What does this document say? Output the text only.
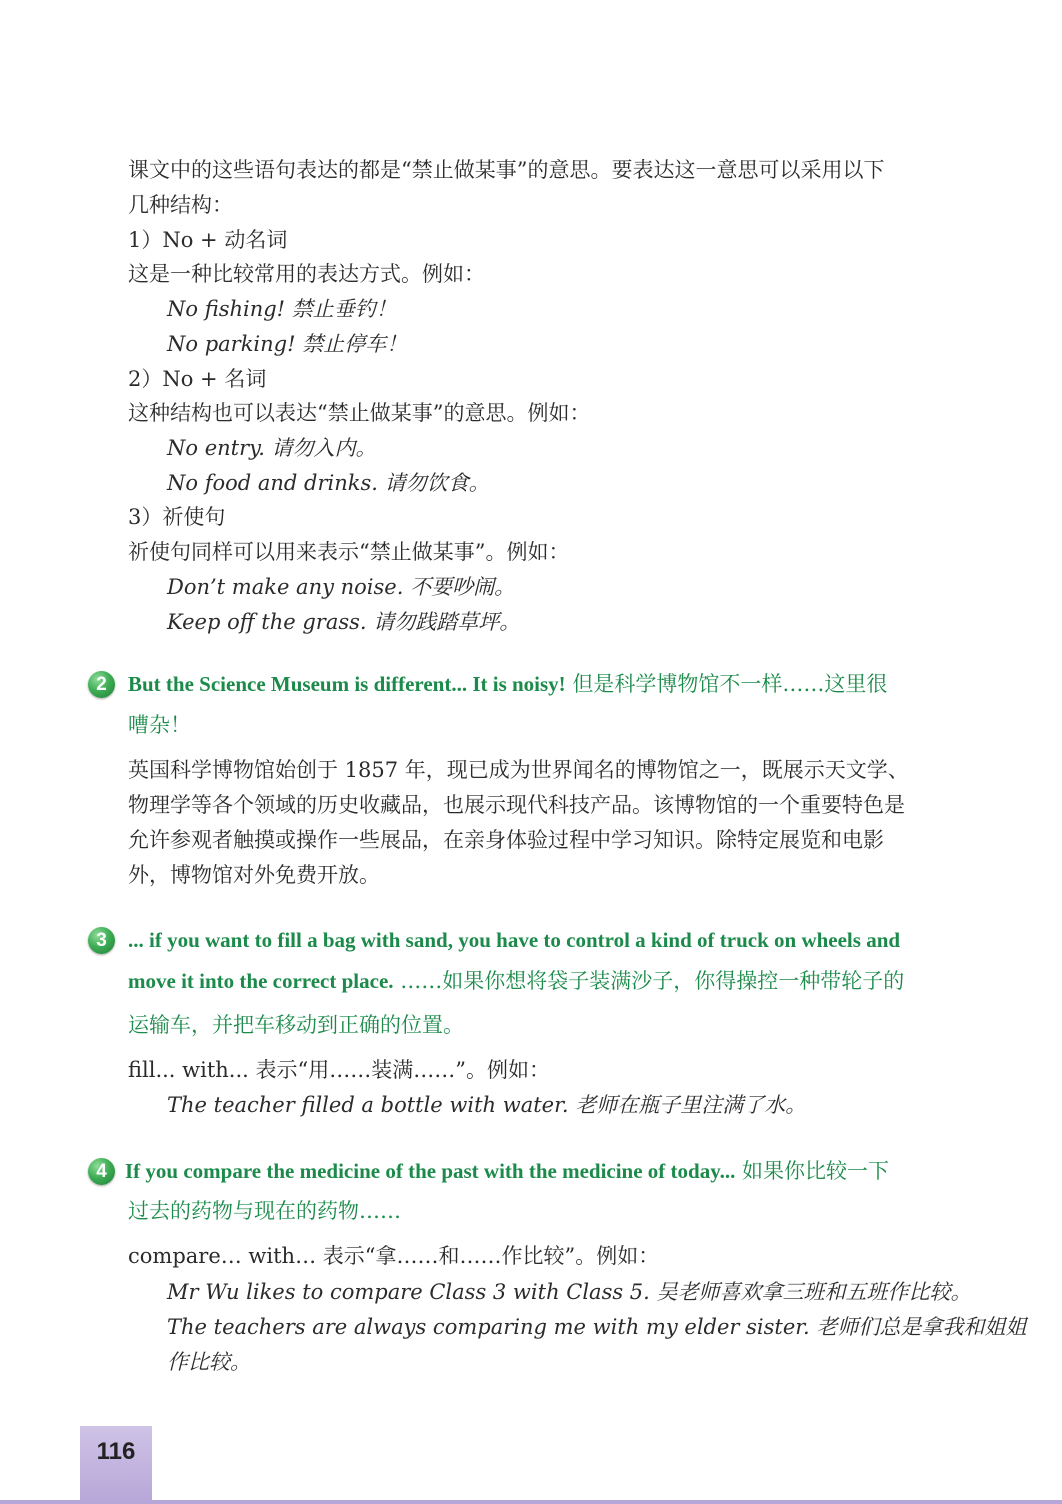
课文中的这些语句表达的都是“禁止做某事”的意思。要表达这一意思可以采用以下
几种结构：
1）No + 动名词
这是一种比较常用的表达方式。例如：
No fishing! 禁止垂钓！
No parking! 禁止停车！
2）No + 名词
这种结构也可以表达“禁止做某事”的意思。例如：
No entry. 请勿入内。
No food and drinks. 请勿饮食。
3）祈使句
祈使句同样可以用来表示“禁止做某事”。例如：
Don’t make any noise. 不要吵闹。
Keep off the grass. 请勿践踏草坪。
2	But the Science Museum is different... It is noisy! 但是科学博物馆不一样……这里很
嘈杂！
英国科学博物馆始创于 1857 年，现已成为世界闻名的博物馆之一，既展示天文学、
物理学等各个领域的历史收藏品，也展示现代科技产品。该博物馆的一个重要特色是
允许参观者触摸或操作一些展品，在亲身体验过程中学习知识。除特定展览和电影
外，博物馆对外免费开放。
3	... if you want to fill a bag with sand, you have to control a kind of truck on wheels and
move it into the correct place. ……如果你想将袋子装满沙子，你得操控一种带轮子的
运输车，并把车移动到正确的位置。
fill... with... 表示“用……装满……”。例如：
The teacher filled a bottle with water. 老师在瓶子里注满了水。
4 If you compare the medicine of the past with the medicine of today... 如果你比较一下
过去的药物与现在的药物……
compare… with… 表示“拿……和……作比较”。例如：
Mr Wu likes to compare Class 3 with Class 5. 吴老师喜欢拿三班和五班作比较。
The teachers are always comparing me with my elder sister. 老师们总是拿我和姐姐
作比较。
116
